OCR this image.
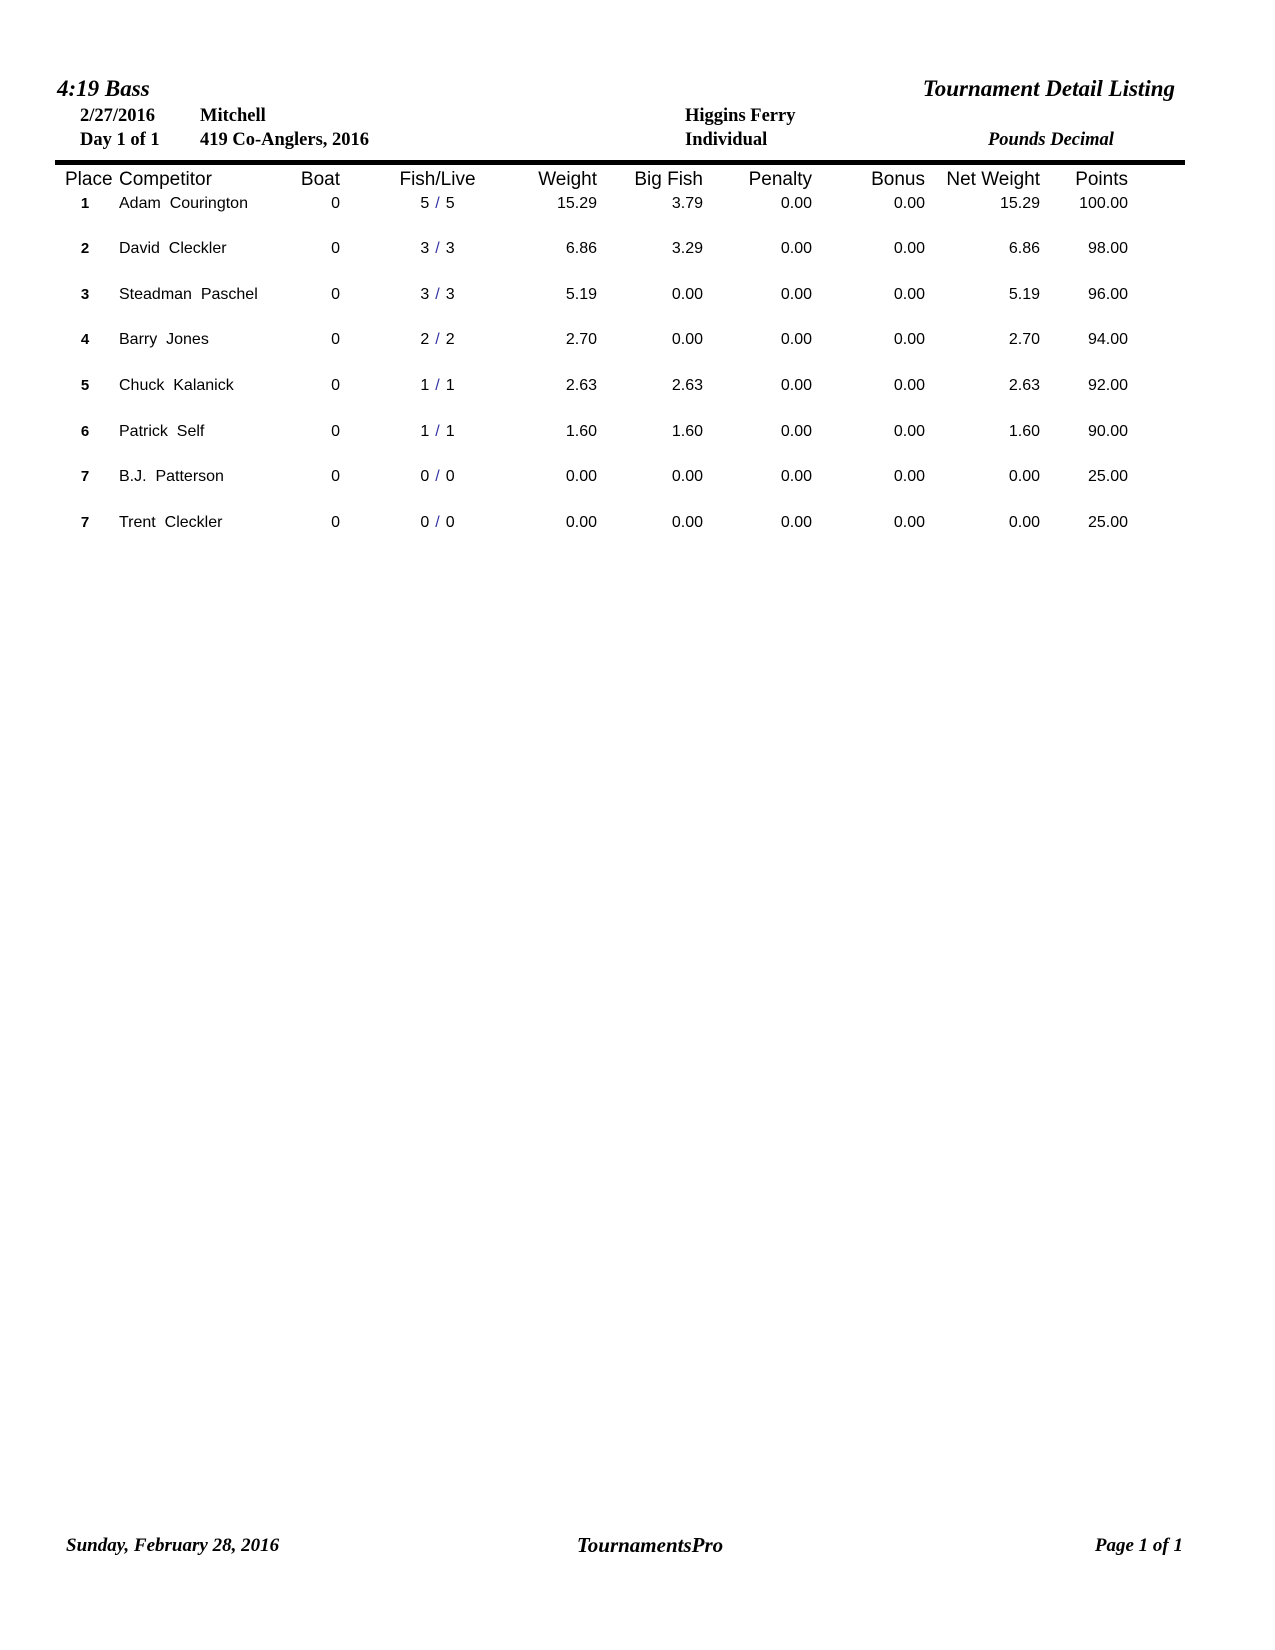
4:19 Bass	Tournament Detail Listing
2/27/2016 Mitchell	Higgins Ferry
Day 1 of 1 419 Co-Anglers, 2016	Individual	Pounds Decimal
Place Competitor	Boat	Fish/Live	Weight	Big Fish	Penalty	Bonus	Net Weight	Points
1	Adam  Courington	0	5 / 5	15.29	3.79	0.00	0.00	15.29	100.00
2	David  Cleckler	0	3 / 3	6.86	3.29	0.00	0.00	6.86	98.00
3	Steadman  Paschel	0	3 / 3	5.19	0.00	0.00	0.00	5.19	96.00
4	Barry  Jones	0	2 / 2	2.70	0.00	0.00	0.00	2.70	94.00
5	Chuck  Kalanick	0	1 / 1	2.63	2.63	0.00	0.00	2.63	92.00
6	Patrick  Self	0	1 / 1	1.60	1.60	0.00	0.00	1.60	90.00
7	B.J.  Patterson	0	0 / 0	0.00	0.00	0.00	0.00	0.00	25.00
7	Trent  Cleckler	0	0 / 0	0.00	0.00	0.00	0.00	0.00	25.00
Sunday, February 28, 2016	TournamentsPro	Page 1 of 1
